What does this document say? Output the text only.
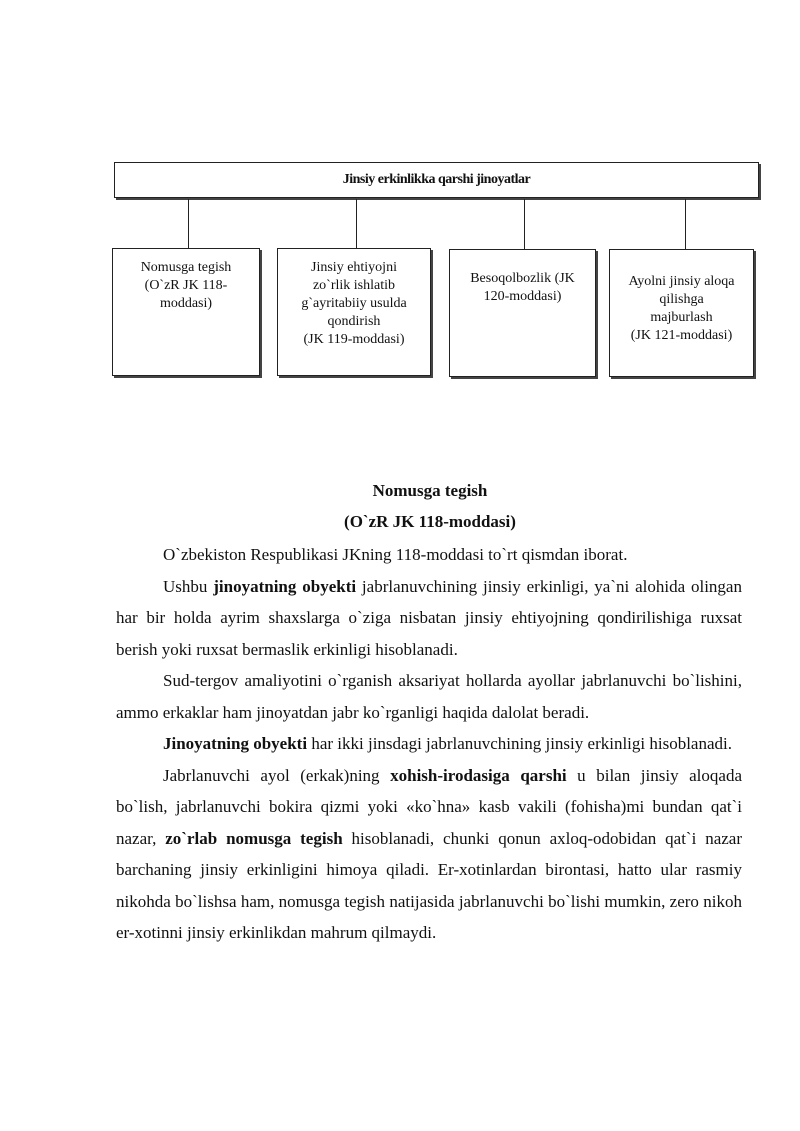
Jinsiy erkinlikka qarshi jinoyatlar
Nomusga tegish
(O`zR JK 118-
moddasi)
Jinsiy ehtiyojni
zo`rlik ishlatib
g`ayritabiiy usulda
qondirish
(JK 119-moddasi)
Besoqolbozlik (JK
120-moddasi)
Ayolni jinsiy aloqa
qilishga
majburlash
(JK 121-moddasi)
Nomusga tegish
(O`zR JK 118-moddasi)

O`zbekiston Respublikasi JKning 118-moddasi to`rt qismdan iborat.

Ushbu jinoyatning obyekti jabrlanuvchining jinsiy erkinligi, ya`ni alohida olingan har bir holda ayrim shaxslarga o`ziga nisbatan jinsiy ehtiyojning qondirilishiga ruxsat berish yoki ruxsat bermaslik erkinligi hisoblanadi.

Sud-tergov amaliyotini o`rganish aksariyat hollarda ayollar jabrlanuvchi bo`lishini, ammo erkaklar ham jinoyatdan jabr ko`rganligi haqida dalolat beradi.

Jinoyatning obyekti har ikki jinsdagi jabrlanuvchining jinsiy erkinligi hisoblanadi.

Jabrlanuvchi ayol (erkak)ning xohish-irodasiga qarshi u bilan jinsiy aloqada bo`lish, jabrlanuvchi bokira qizmi yoki «ko`hna» kasb vakili (fohisha)mi bundan qat`i nazar, zo`rlab nomusga tegish hisoblanadi, chunki qonun axloq-odobidan qat`i nazar barchaning jinsiy erkinligini himoya qiladi. Er-xotinlardan birontasi, hatto ular rasmiy nikohda bo`lishsa ham, nomusga tegish natijasida jabrlanuvchi bo`lishi mumkin, zero nikoh er-xotinni jinsiy erkinlikdan mahrum qilmaydi.
